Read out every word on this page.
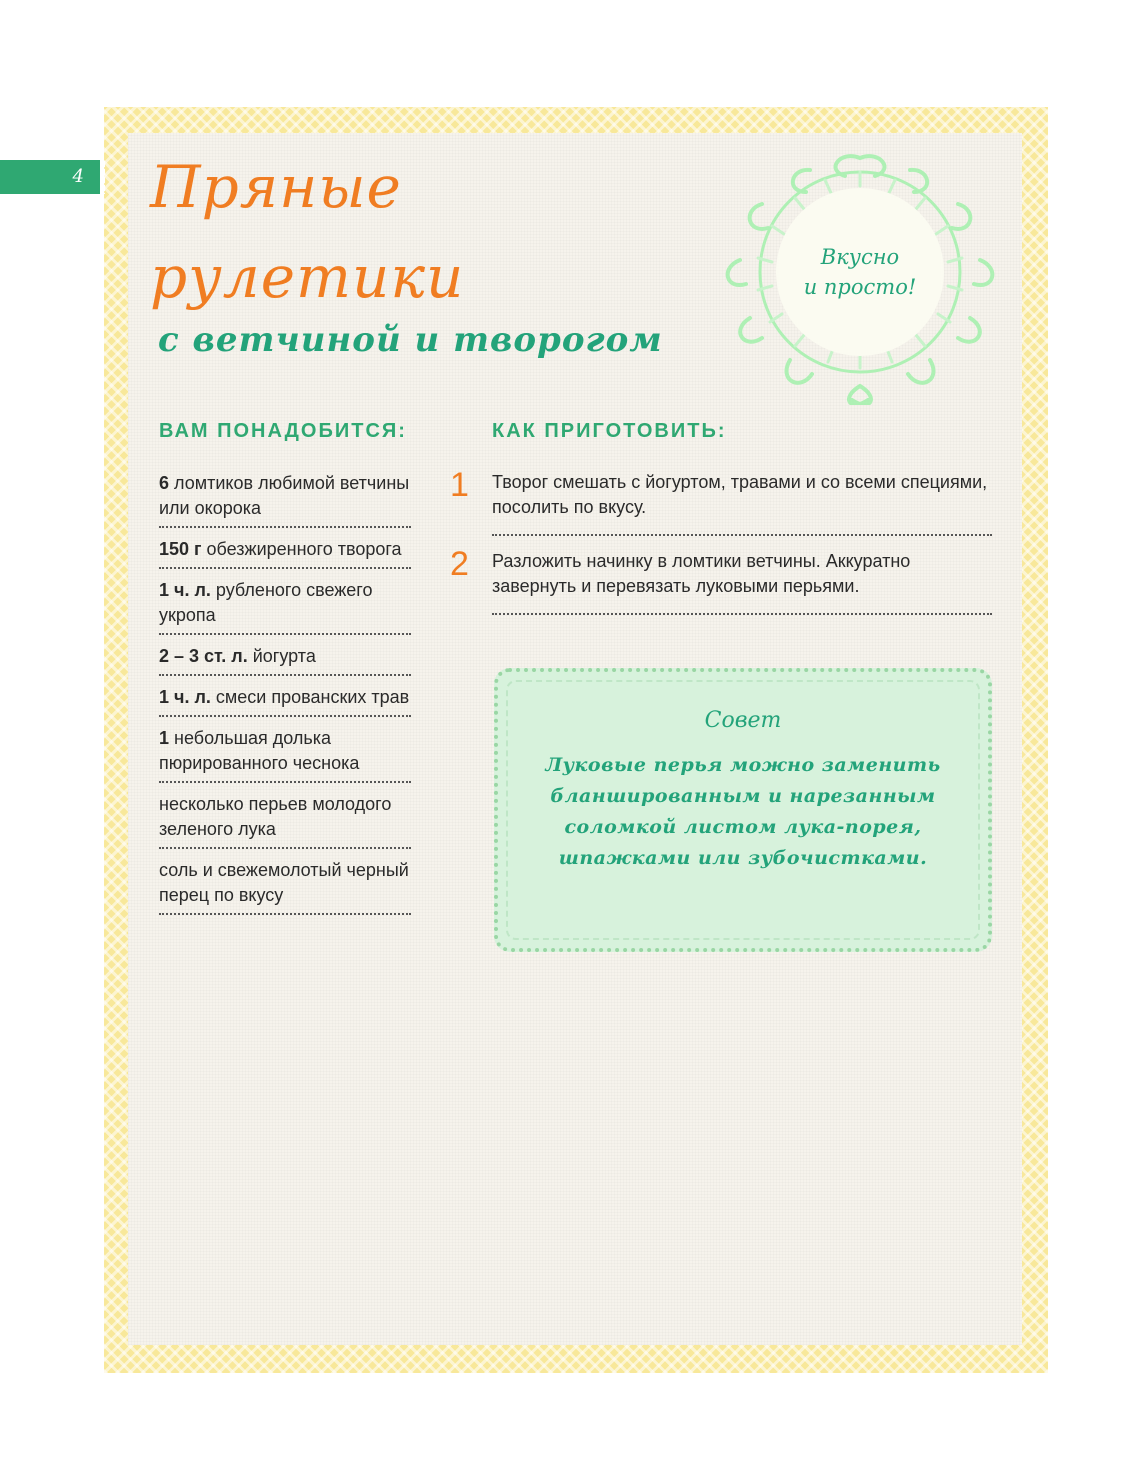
4 Пряные
рулетики
с ветчиной и творогом
Вкусно
и просто!
ВАМ ПОНАДОБИТСЯ:	КАК ПРИГОТОВИТЬ:
6 ломтиков любимой ветчины или окорока
150 г обезжиренного творога
1 ч. л. рубленого свежего укропа
2 – 3 ст. л. йогурта
1 ч. л. смеси прованских трав
1 небольшая долька пюрированного чеснока
несколько перьев молодого зеленого лука
соль и свежемолотый черный перец по вкусу
1 Творог смешать с йогуртом, травами и со всеми специями, посолить по вкусу.
2 Разложить начинку в ломтики ветчины. Аккуратно завернуть и перевязать луковыми перьями.
Совет
Луковые перья можно заменить бланшированным и нарезанным соломкой листом лука-порея, шпажками или зубочистками.
